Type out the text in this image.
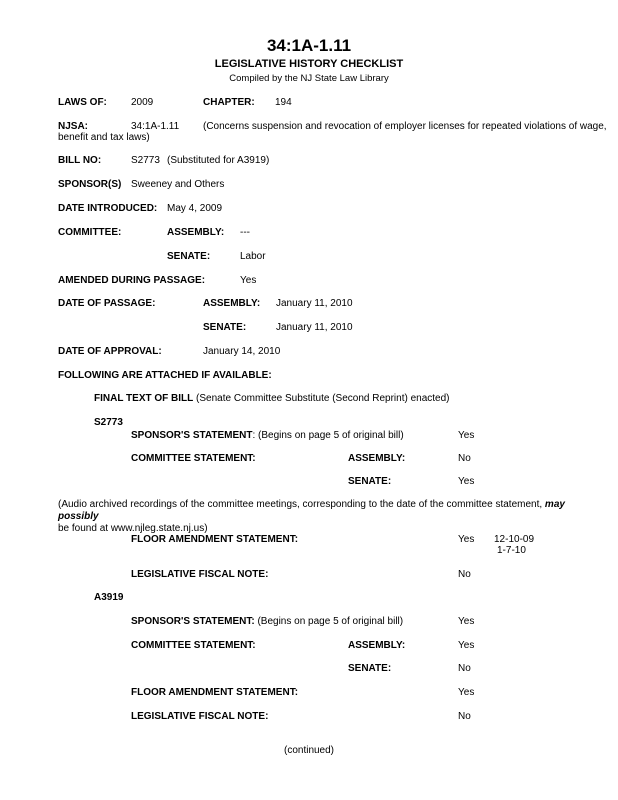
34:1A-1.11
LEGISLATIVE HISTORY CHECKLIST
Compiled by the NJ State Law Library
LAWS OF: 2009	CHAPTER: 194
NJSA:	34:1A-1.11 (Concerns suspension and revocation of employer licenses for repeated violations of wage,
benefit and tax laws)
BILL NO:	S2773 (Substituted for A3919)
SPONSOR(S) Sweeney and Others
DATE INTRODUCED: May 4, 2009
COMMITTEE:	ASSEMBLY: ---
SENATE:	Labor
AMENDED DURING PASSAGE:	Yes
DATE OF PASSAGE:	ASSEMBLY: January 11, 2010
SENATE:	January 11, 2010
DATE OF APPROVAL:	January 14, 2010
FOLLOWING ARE ATTACHED IF AVAILABLE:
FINAL TEXT OF BILL (Senate Committee Substitute (Second Reprint) enacted)
S2773
SPONSOR'S STATEMENT: (Begins on page 5 of original bill)	Yes
COMMITTEE STATEMENT:	ASSEMBLY:	No
SENATE:	Yes
(Audio archived recordings of the committee meetings, corresponding to the date of the committee statement, may possibly
be found at www.njleg.state.nj.us)
FLOOR AMENDMENT STATEMENT:	Yes 12-10-09
1-7-10
LEGISLATIVE FISCAL NOTE:	No
A3919
SPONSOR'S STATEMENT: (Begins on page 5 of original bill)	Yes
COMMITTEE STATEMENT:	ASSEMBLY:	Yes
SENATE:	No
FLOOR AMENDMENT STATEMENT:	Yes
LEGISLATIVE FISCAL NOTE:	No
(continued)
